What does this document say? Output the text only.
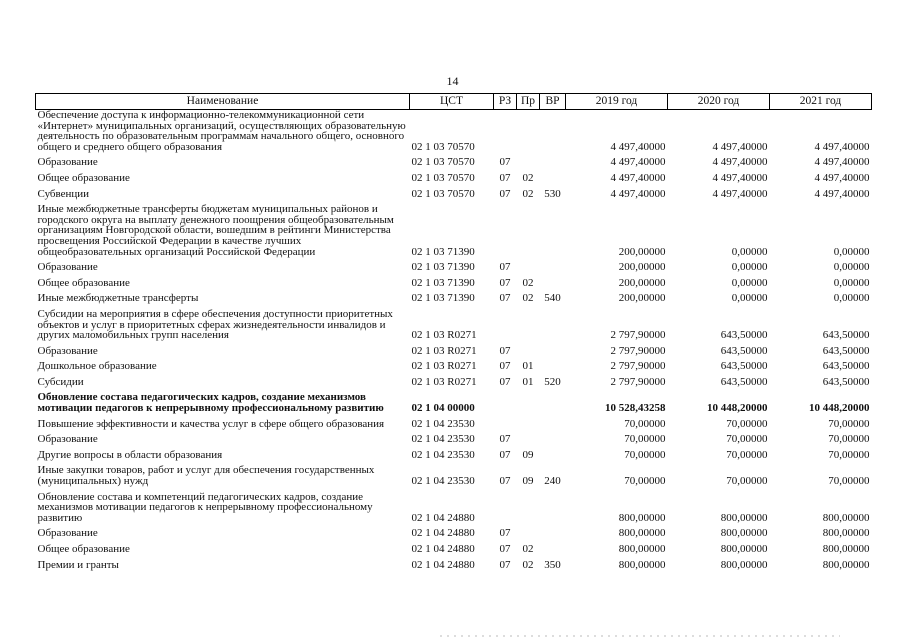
14
Наименование	ЦСТ	РЗ	Пр	ВР	2019 год	2020 год	2021 год
Обеспечение доступа к информационно-телекоммуникационной сети «Интернет» муниципальных организаций, осуществляющих образовательную деятельность по образовательным программам начального общего, основного общего и среднего общего образования	02 1 03 70570				4 497,40000	4 497,40000	4 497,40000
Образование	02 1 03 70570	07			4 497,40000	4 497,40000	4 497,40000
Общее образование	02 1 03 70570	07	02		4 497,40000	4 497,40000	4 497,40000
Субвенции	02 1 03 70570	07	02	530	4 497,40000	4 497,40000	4 497,40000
Иные межбюджетные трансферты бюджетам муниципальных районов и городского округа на выплату денежного поощрения общеобразовательным организациям Новгородской области, вошедшим в рейтинги Министерства просвещения Российской Федерации в качестве лучших общеобразовательных организаций Российской Федерации	02 1 03 71390				200,00000	0,00000	0,00000
Образование	02 1 03 71390	07			200,00000	0,00000	0,00000
Общее образование	02 1 03 71390	07	02		200,00000	0,00000	0,00000
Иные межбюджетные трансферты	02 1 03 71390	07	02	540	200,00000	0,00000	0,00000
Субсидии на мероприятия в сфере обеспечения доступности приоритетных объектов и услуг в приоритетных сферах жизнедеятельности инвалидов и других маломобильных групп населения	02 1 03 R0271				2 797,90000	643,50000	643,50000
Образование	02 1 03 R0271	07			2 797,90000	643,50000	643,50000
Дошкольное образование	02 1 03 R0271	07	01		2 797,90000	643,50000	643,50000
Субсидии	02 1 03 R0271	07	01	520	2 797,90000	643,50000	643,50000
Обновление состава педагогических кадров, создание механизмов мотивации педагогов к непрерывному профессиональному развитию	02 1 04 00000				10 528,43258	10 448,20000	10 448,20000
Повышение эффективности и качества услуг в сфере общего образования	02 1 04 23530				70,00000	70,00000	70,00000
Образование	02 1 04 23530	07			70,00000	70,00000	70,00000
Другие вопросы в области образования	02 1 04 23530	07	09		70,00000	70,00000	70,00000
Иные закупки товаров, работ и услуг для обеспечения государственных (муниципальных) нужд	02 1 04 23530	07	09	240	70,00000	70,00000	70,00000
Обновление состава и компетенций педагогических кадров, создание механизмов мотивации педагогов к непрерывному профессиональному развитию	02 1 04 24880				800,00000	800,00000	800,00000
Образование	02 1 04 24880	07			800,00000	800,00000	800,00000
Общее образование	02 1 04 24880	07	02		800,00000	800,00000	800,00000
Премии и гранты	02 1 04 24880	07	02	350	800,00000	800,00000	800,00000
